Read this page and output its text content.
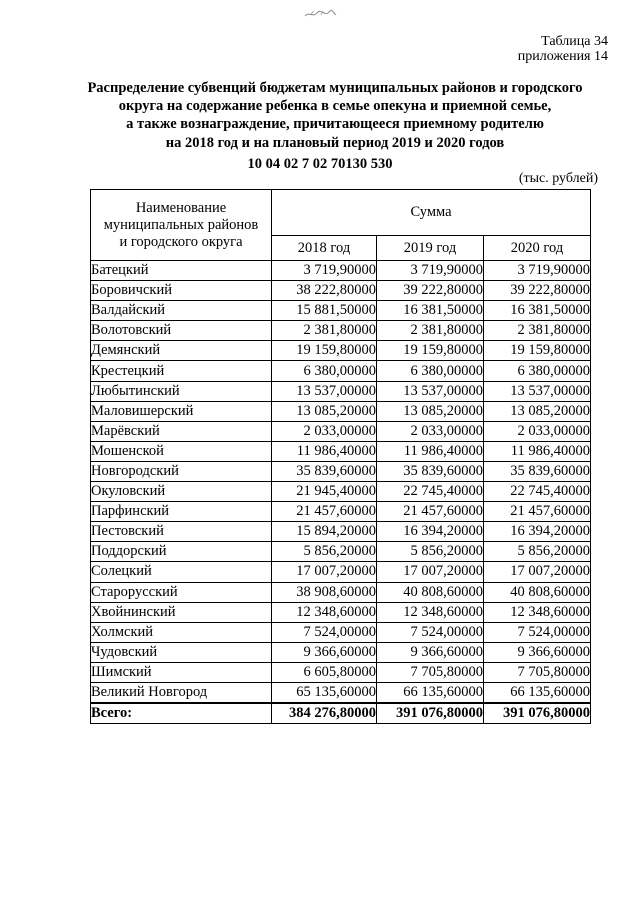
Таблица 34
приложения 14
Распределение субвенций бюджетам муниципальных районов и городского
округа на содержание ребенка в семье опекуна и приемной семье,
а также вознаграждение, причитающееся приемному родителю
на 2018 год и на плановый период 2019 и 2020 годов
10 04 02 7 02 70130 530
(тыс. рублей)
Наименование
муниципальных районов
и городского округа	Сумма		
	2018 год	2019 год	2020 год
Батецкий	3 719,90000	3 719,90000	3 719,90000
Боровичский	38 222,80000	39 222,80000	39 222,80000
Валдайский	15 881,50000	16 381,50000	16 381,50000
Волотовский	2 381,80000	2 381,80000	2 381,80000
Демянский	19 159,80000	19 159,80000	19 159,80000
Крестецкий	6 380,00000	6 380,00000	6 380,00000
Любытинский	13 537,00000	13 537,00000	13 537,00000
Маловишерский	13 085,20000	13 085,20000	13 085,20000
Марёвский	2 033,00000	2 033,00000	2 033,00000
Мошенской	11 986,40000	11 986,40000	11 986,40000
Новгородский	35 839,60000	35 839,60000	35 839,60000
Окуловский	21 945,40000	22 745,40000	22 745,40000
Парфинский	21 457,60000	21 457,60000	21 457,60000
Пестовский	15 894,20000	16 394,20000	16 394,20000
Поддорский	5 856,20000	5 856,20000	5 856,20000
Солецкий	17 007,20000	17 007,20000	17 007,20000
Старорусский	38 908,60000	40 808,60000	40 808,60000
Хвойнинский	12 348,60000	12 348,60000	12 348,60000
Холмский	7 524,00000	7 524,00000	7 524,00000
Чудовский	9 366,60000	9 366,60000	9 366,60000
Шимский	6 605,80000	7 705,80000	7 705,80000
Великий Новгород	65 135,60000	66 135,60000	66 135,60000
Всего:	384 276,80000	391 076,80000	391 076,80000
